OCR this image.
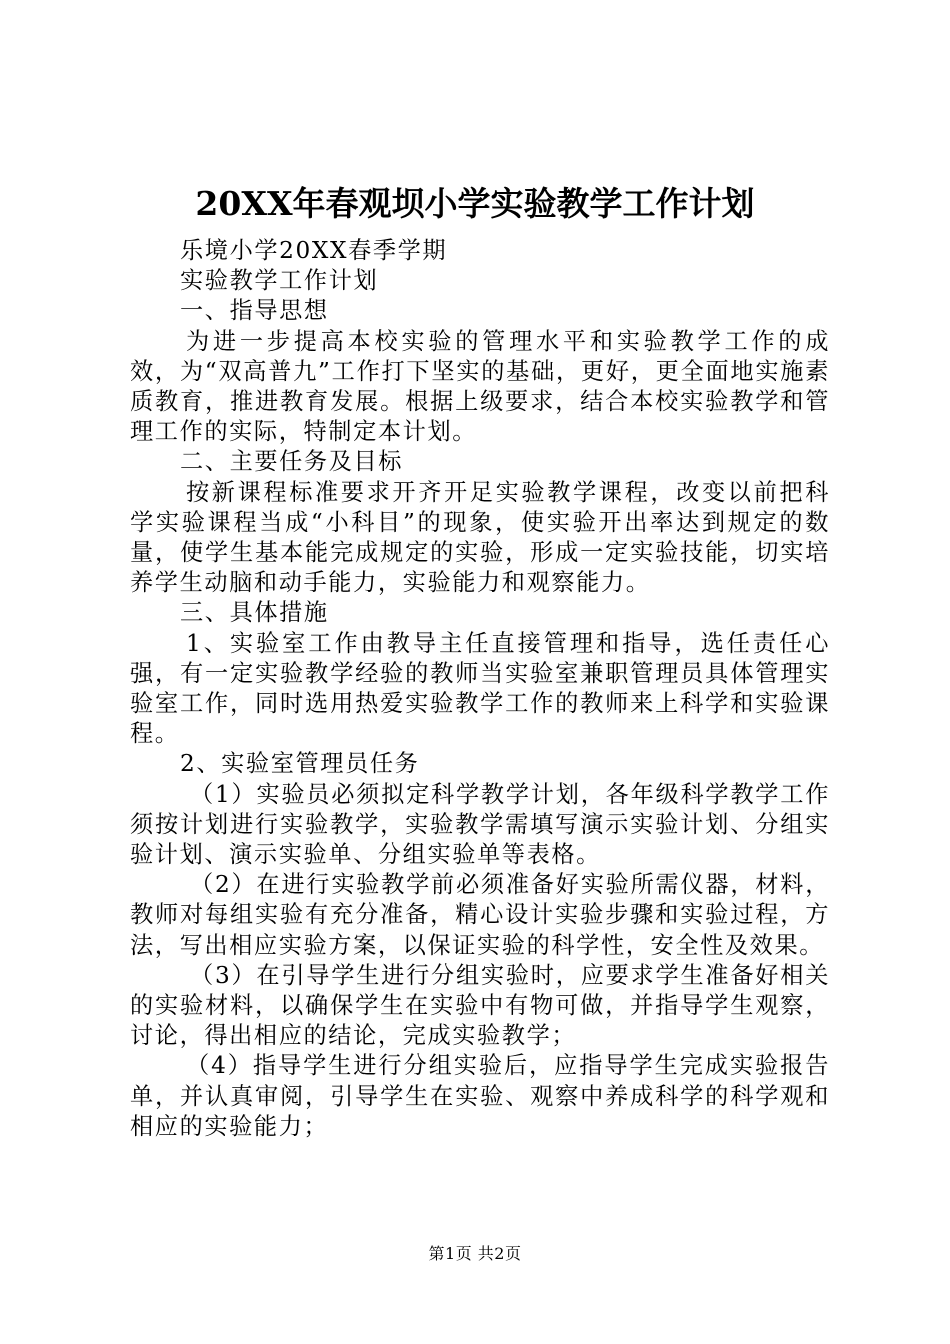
20XX年春观坝小学实验教学工作计划

乐境小学20XX春季学期

实验教学工作计划

一、指导思想

为进一步提高本校实验的管理水平和实验教学工作的成效，为“双高普九”工作打下坚实的基础，更好，更全面地实施素质教育，推进教育发展。根据上级要求，结合本校实验教学和管理工作的实际，特制定本计划。

二、主要任务及目标

按新课程标准要求开齐开足实验教学课程，改变以前把科学实验课程当成“小科目”的现象，使实验开出率达到规定的数量，使学生基本能完成规定的实验，形成一定实验技能，切实培养学生动脑和动手能力，实验能力和观察能力。

三、具体措施

1、实验室工作由教导主任直接管理和指导，选任责任心强，有一定实验教学经验的教师当实验室兼职管理员具体管理实验室工作，同时选用热爱实验教学工作的教师来上科学和实验课程。

2、实验室管理员任务

（1）实验员必须拟定科学教学计划，各年级科学教学工作须按计划进行实验教学，实验教学需填写演示实验计划、分组实验计划、演示实验单、分组实验单等表格。

（2）在进行实验教学前必须准备好实验所需仪器，材料，教师对每组实验有充分准备，精心设计实验步骤和实验过程，方法，写出相应实验方案，以保证实验的科学性，安全性及效果。

（3）在引导学生进行分组实验时，应要求学生准备好相关的实验材料，以确保学生在实验中有物可做，并指导学生观察，讨论，得出相应的结论，完成实验教学；

（4）指导学生进行分组实验后，应指导学生完成实验报告单，并认真审阅，引导学生在实验、观察中养成科学的科学观和相应的实验能力；

第1页 共2页
